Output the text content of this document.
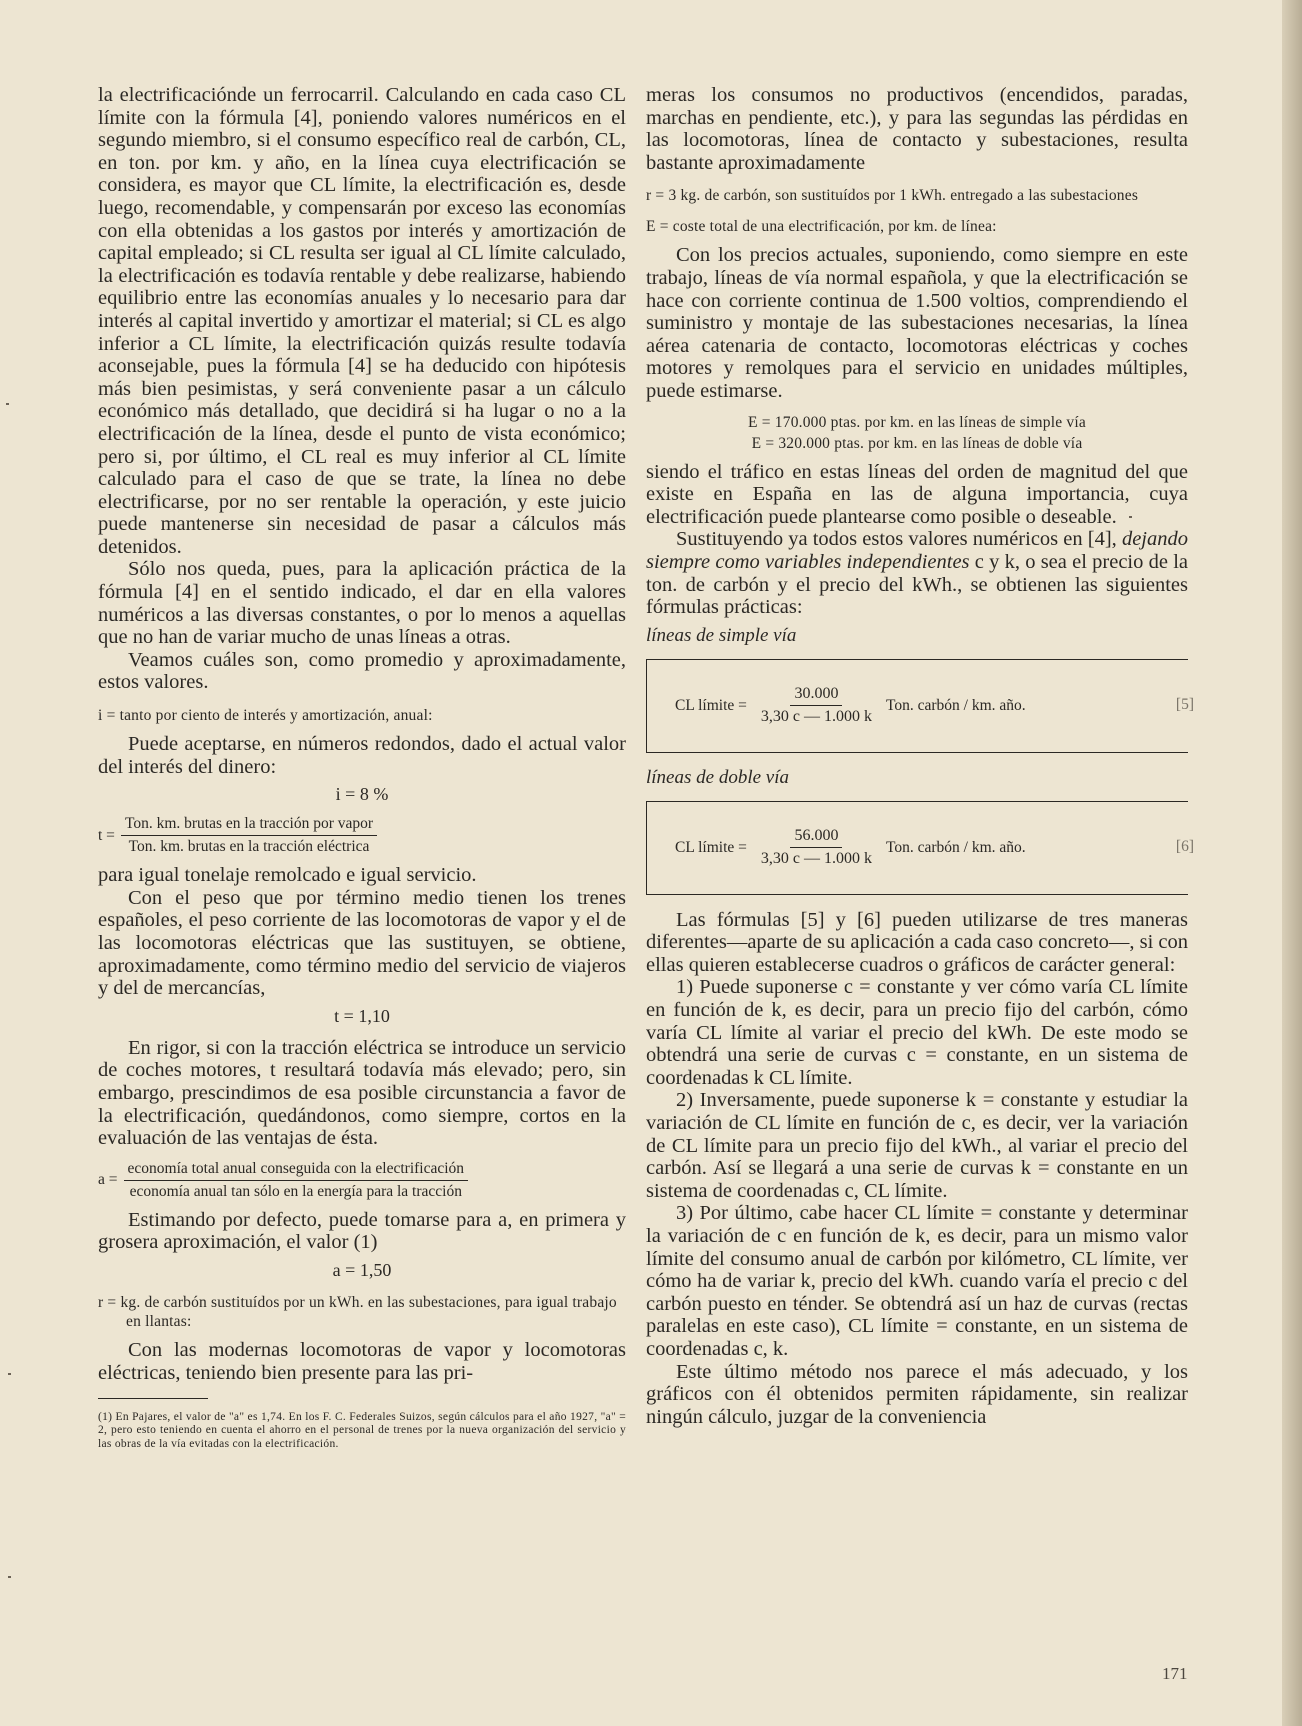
la electrificaciónde un ferrocarril. Calculando en cada caso CL límite con la fórmula [4], poniendo valores numéricos en el segundo miembro, si el consumo específico real de carbón, CL, en ton. por km. y año, en la línea cuya electrificación se considera, es mayor que CL límite, la electrificación es, desde luego, recomendable, y compensarán por exceso las economías con ella obtenidas a los gastos por interés y amortización de capital empleado; si CL resulta ser igual al CL límite calculado, la electrificación es todavía rentable y debe realizarse, habiendo equilibrio entre las economías anuales y lo necesario para dar interés al capital invertido y amortizar el material; si CL es algo inferior a CL límite, la electrificación quizás resulte todavía aconsejable, pues la fórmula [4] se ha deducido con hipótesis más bien pesimistas, y será conveniente pasar a un cálculo económico más detallado, que decidirá si ha lugar o no a la electrificación de la línea, desde el punto de vista económico; pero si, por último, el CL real es muy inferior al CL límite calculado para el caso de que se trate, la línea no debe electrificarse, por no ser rentable la operación, y este juicio puede mantenerse sin necesidad de pasar a cálculos más detenidos.

Sólo nos queda, pues, para la aplicación práctica de la fórmula [4] en el sentido indicado, el dar en ella valores numéricos a las diversas constantes, o por lo menos a aquellas que no han de variar mucho de unas líneas a otras.

Veamos cuáles son, como promedio y aproximadamente, estos valores.

i = tanto por ciento de interés y amortización, anual:

Puede aceptarse, en números redondos, dado el actual valor del interés del dinero:

i = 8 %
$t = \frac{\text{Ton. km. brutas en la tracción por vapor}}{\text{Ton. km. brutas en la tracción eléctrica}}$

para igual tonelaje remolcado e igual servicio.

Con el peso que por término medio tienen los trenes españoles, el peso corriente de las locomotoras de vapor y el de las locomotoras eléctricas que las sustituyen, se obtiene, aproximadamente, como término medio del servicio de viajeros y del de mercancías,

t = 1,10

En rigor, si con la tracción eléctrica se introduce un servicio de coches motores, t resultará todavía más elevado; pero, sin embargo, prescindimos de esa posible circunstancia a favor de la electrificación, quedándonos, como siempre, cortos en la evaluación de las ventajas de ésta.

$a = \frac{\text{economía total anual conseguida con la electrificación}}{\text{economía anual tan sólo en la energía para la tracción}}$

Estimando por defecto, puede tomarse para a, en primera y grosera aproximación, el valor (1)

a = 1,50

r = kg. de carbón sustituídos por un kWh. en las subestaciones, para igual trabajo en llantas:

Con las modernas locomotoras de vapor y locomotoras eléctricas, teniendo bien presente para las pri-

(1) En Pajares, el valor de "a" es 1,74. En los F. C. Federales Suizos, según cálculos para el año 1927, "a" = 2, pero esto teniendo en cuenta el ahorro en el personal de trenes por la nueva organización del servicio y las obras de la vía evitadas con la electrificación.

meras los consumos no productivos (encendidos, paradas, marchas en pendiente, etc.), y para las segundas las pérdidas en las locomotoras, línea de contacto y subestaciones, resulta bastante aproximadamente

r = 3 kg. de carbón, son sustituídos por 1 kWh. entregado a las subestaciones

E = coste total de una electrificación, por km. de línea:

Con los precios actuales, suponiendo, como siempre en este trabajo, líneas de vía normal española, y que la electrificación se hace con corriente continua de 1.500 voltios, comprendiendo el suministro y montaje de las subestaciones necesarias, la línea aérea catenaria de contacto, locomotoras eléctricas y coches motores y remolques para el servicio en unidades múltiples, puede estimarse.

E = 170.000 ptas. por km. en las líneas de simple vía
E = 320.000 ptas. por km. en las líneas de doble vía

siendo el tráfico en estas líneas del orden de magnitud del que existe en España en las de alguna importancia, cuya electrificación puede plantearse como posible o deseable.

Sustituyendo ya todos estos valores numéricos en [4], dejando siempre como variables independientes c y k, o sea el precio de la ton. de carbón y el precio del kWh., se obtienen las siguientes fórmulas prácticas:

líneas de simple vía
CL límite = $\frac{30.000}{3,30 c — 1.000 k}$ Ton. carbón / km. año.	[5]
líneas de doble vía
CL límite = $\frac{56.000}{3,30 c — 1.000 k}$ Ton. carbón / km. año.	[6]

Las fórmulas [5] y [6] pueden utilizarse de tres maneras diferentes—aparte de su aplicación a cada caso concreto—, si con ellas quieren establecerse cuadros o gráficos de carácter general:

1) Puede suponerse c = constante y ver cómo varía CL límite en función de k, es decir, para un precio fijo del carbón, cómo varía CL límite al variar el precio del kWh. De este modo se obtendrá una serie de curvas c = constante, en un sistema de coordenadas k CL límite.

2) Inversamente, puede suponerse k = constante y estudiar la variación de CL límite en función de c, es decir, ver la variación de CL límite para un precio fijo del kWh., al variar el precio del carbón. Así se llegará a una serie de curvas k = constante en un sistema de coordenadas c, CL límite.

3) Por último, cabe hacer CL límite = constante y determinar la variación de c en función de k, es decir, para un mismo valor límite del consumo anual de carbón por kilómetro, CL límite, ver cómo ha de variar k, precio del kWh. cuando varía el precio c del carbón puesto en ténder. Se obtendrá así un haz de curvas (rectas paralelas en este caso), CL límite = constante, en un sistema de coordenadas c, k.

Este último método nos parece el más adecuado, y los gráficos con él obtenidos permiten rápidamente, sin realizar ningún cálculo, juzgar de la conveniencia

171
